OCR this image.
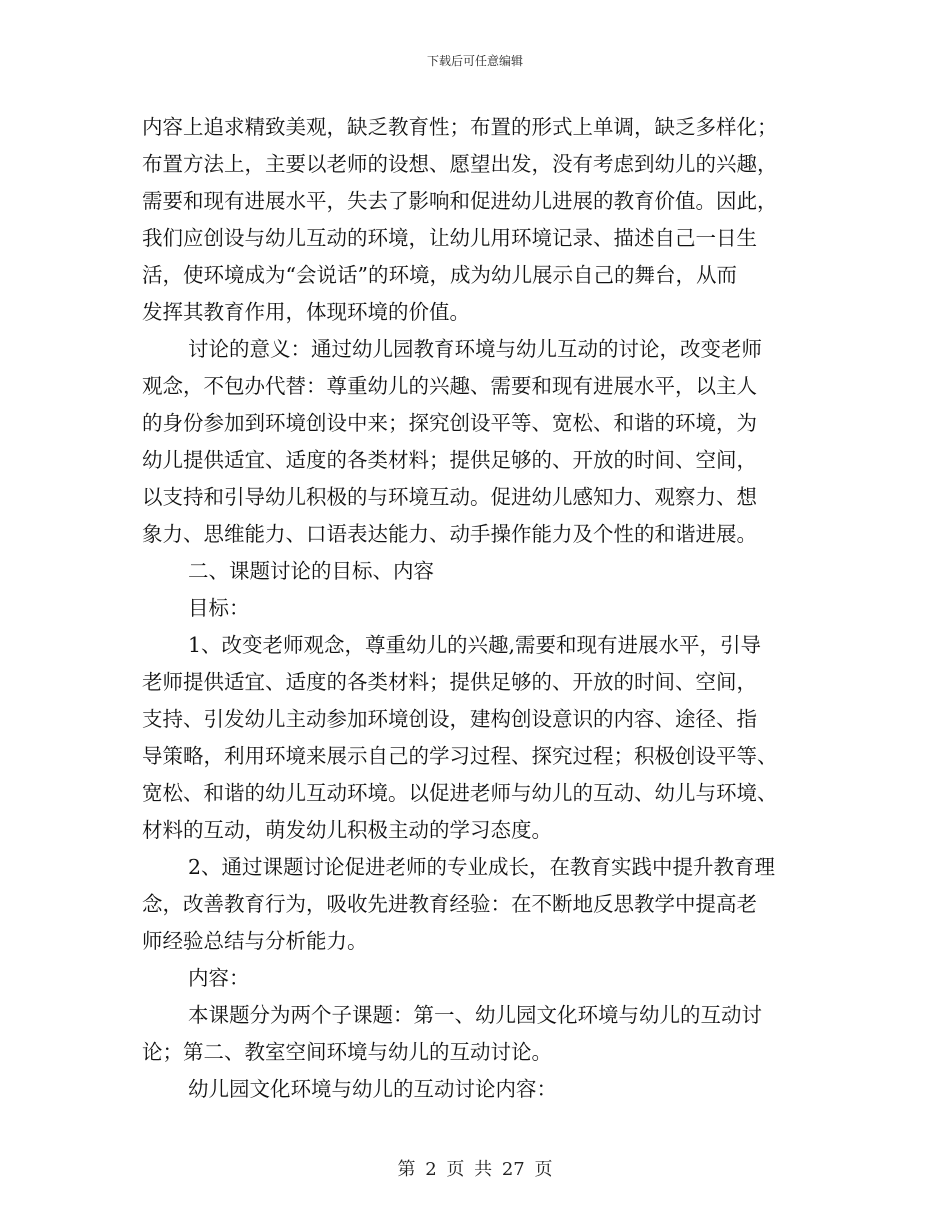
下载后可任意编辑
内容上追求精致美观，缺乏教育性；布置的形式上单调，缺乏多样化；
布置方法上，主要以老师的设想、愿望出发，没有考虑到幼儿的兴趣，
需要和现有进展水平，失去了影响和促进幼儿进展的教育价值。因此，
我们应创设与幼儿互动的环境，让幼儿用环境记录、描述自己一日生
活，使环境成为“会说话”的环境，成为幼儿展示自己的舞台，从而
发挥其教育作用，体现环境的价值。
讨论的意义：通过幼儿园教育环境与幼儿互动的讨论，改变老师
观念，不包办代替：尊重幼儿的兴趣、需要和现有进展水平，以主人
的身份参加到环境创设中来；探究创设平等、宽松、和谐的环境，为
幼儿提供适宜、适度的各类材料；提供足够的、开放的时间、空间，
以支持和引导幼儿积极的与环境互动。促进幼儿感知力、观察力、想
象力、思维能力、口语表达能力、动手操作能力及个性的和谐进展。
二、课题讨论的目标、内容
目标：
1、改变老师观念，尊重幼儿的兴趣,需要和现有进展水平，引导
老师提供适宜、适度的各类材料；提供足够的、开放的时间、空间，
支持、引发幼儿主动参加环境创设，建构创设意识的内容、途径、指
导策略，利用环境来展示自己的学习过程、探究过程；积极创设平等、
宽松、和谐的幼儿互动环境。以促进老师与幼儿的互动、幼儿与环境、
材料的互动，萌发幼儿积极主动的学习态度。
2、通过课题讨论促进老师的专业成长，在教育实践中提升教育理
念，改善教育行为，吸收先进教育经验：在不断地反思教学中提高老
师经验总结与分析能力。
内容：
本课题分为两个子课题：第一、幼儿园文化环境与幼儿的互动讨
论；第二、教室空间环境与幼儿的互动讨论。
幼儿园文化环境与幼儿的互动讨论内容：
第 2 页 共 27 页
